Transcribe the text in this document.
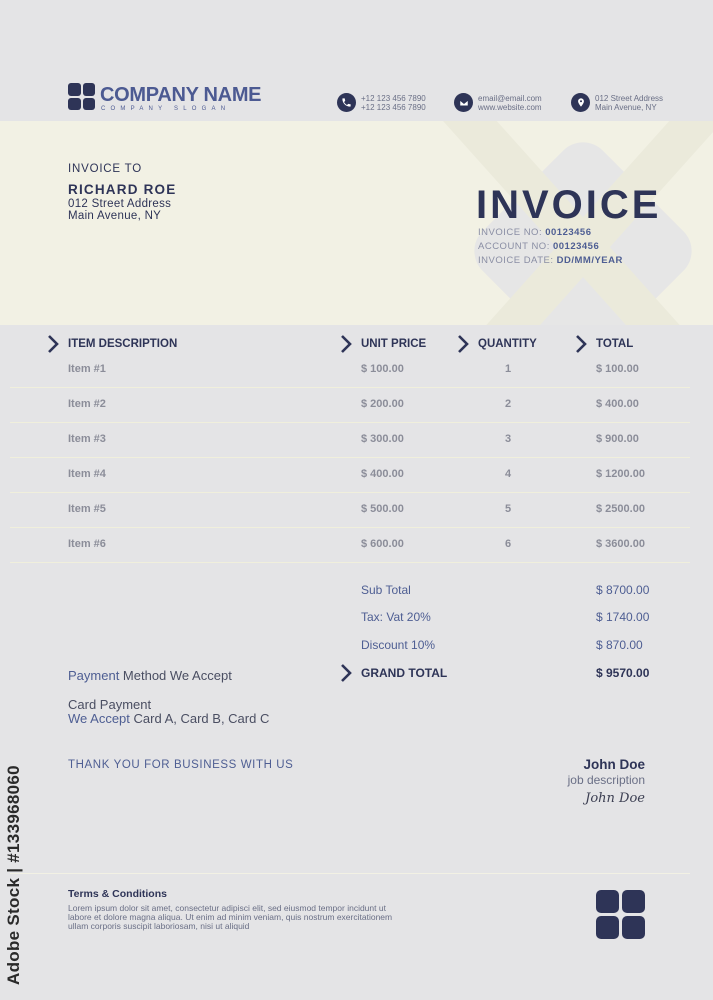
COMPANY NAME
COMPANY SLOGAN
+12 123 456 7890
+12 123 456 7890
email@email.com
www.website.com
012 Street Address
Main Avenue, NY
INVOICE TO
RICHARD ROE
012 Street Address
Main Avenue, NY	INVOICE
INVOICE NO: 00123456
ACCOUNT NO: 00123456
INVOICE DATE: DD/MM/YEAR
ITEM DESCRIPTION	UNIT PRICE	QUANTITY	TOTAL
Item #1	$ 100.00	1	$ 100.00
Item #2	$ 200.00	2	$ 400.00
Item #3	$ 300.00	3	$ 900.00
Item #4	$ 400.00	4	$ 1200.00
Item #5	$ 500.00	5	$ 2500.00
Item #6	$ 600.00	6	$ 3600.00
Sub Total	$ 8700.00
Tax: Vat 20%	$ 1740.00
Discount 10%	$ 870.00
GRAND TOTAL	$ 9570.00
Payment Method We Accept
Card Payment
We Accept Card A, Card B, Card C
THANK YOU FOR BUSINESS WITH US	John Doe
job description
John Doe
Terms & Conditions
Lorem ipsum dolor sit amet, consectetur adipisci elit, sed eiusmod tempor incidunt ut labore et dolore magna aliqua. Ut enim ad minim veniam, quis nostrum exercitationem ullam corporis suscipit laboriosam, nisi ut aliquid
Adobe Stock | #133968060
